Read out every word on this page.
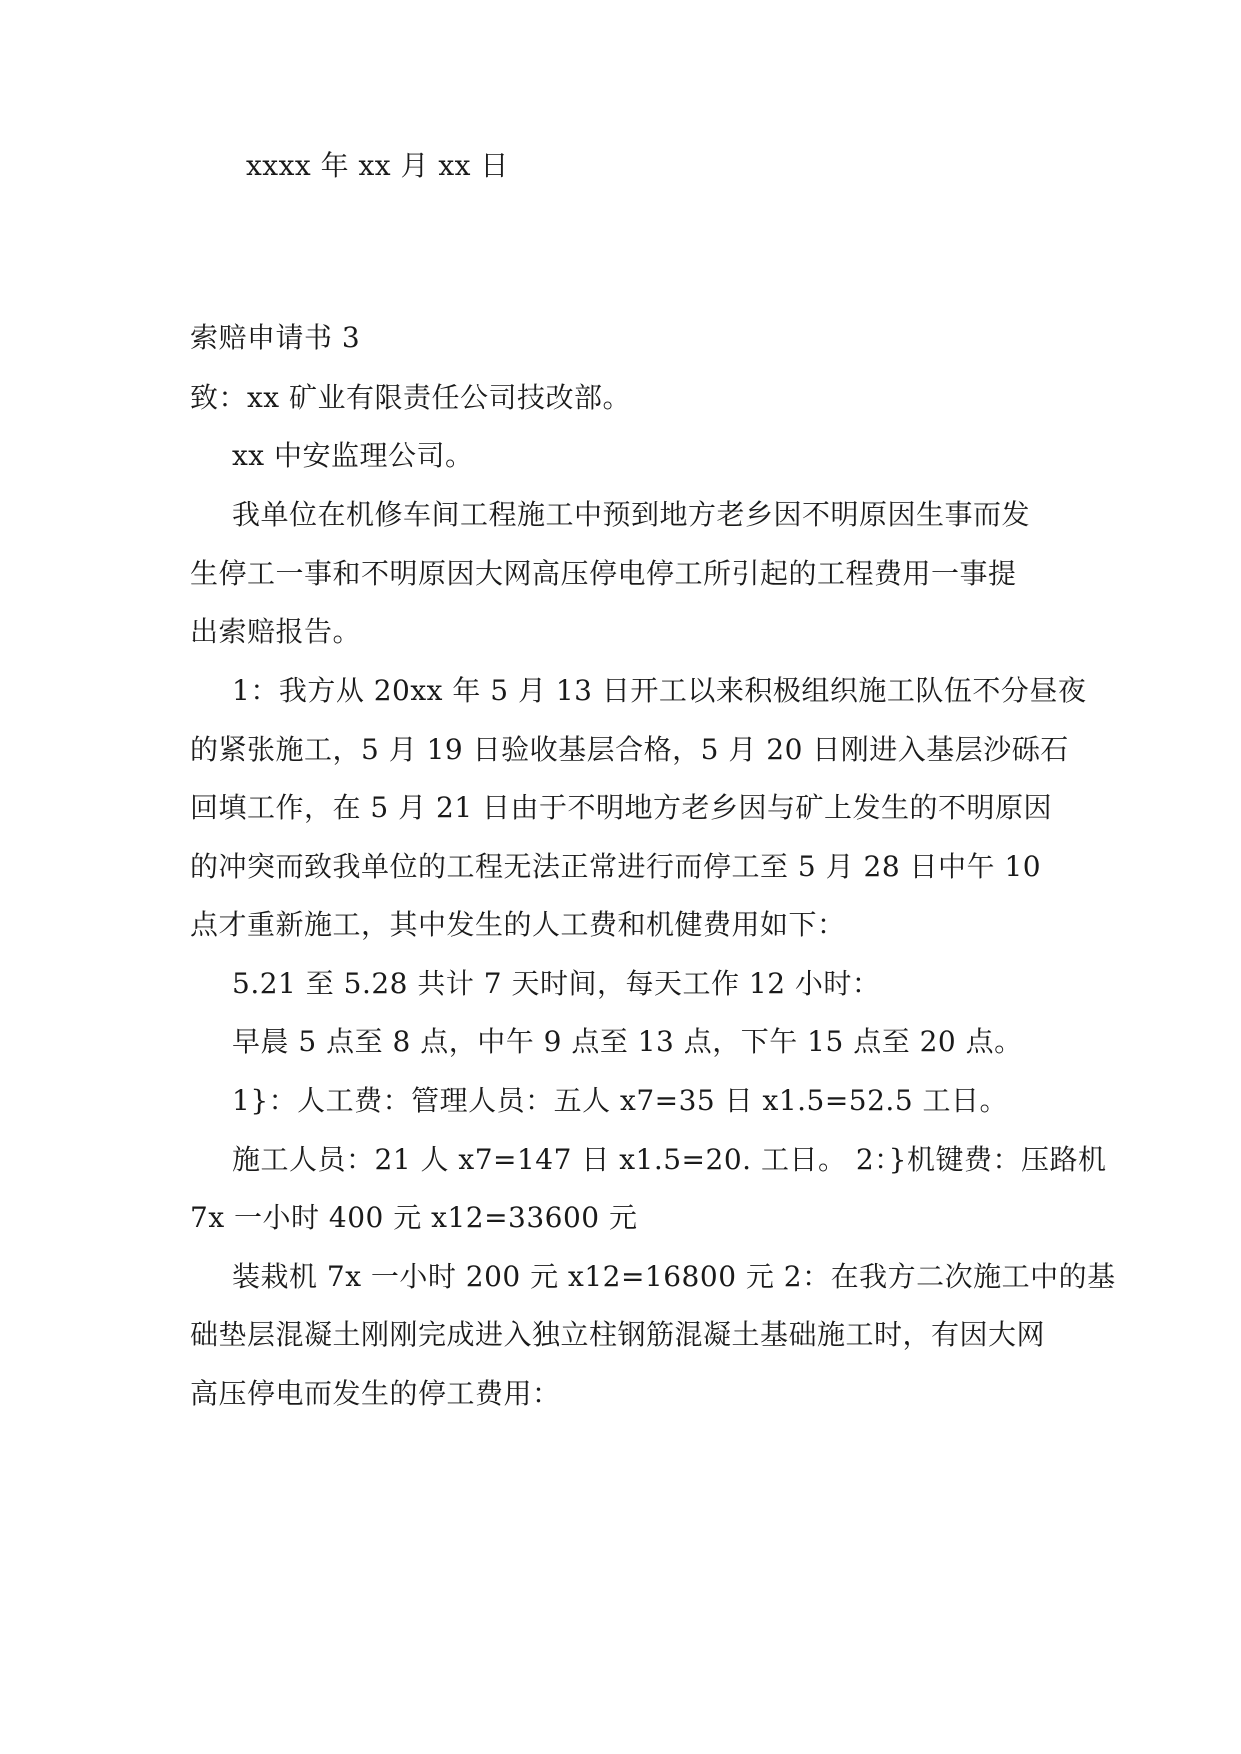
xxxx 年 xx 月 xx 日
索赔申请书 3
致：xx 矿业有限责任公司技改部。
xx 中安监理公司。
我单位在机修车间工程施工中预到地方老乡因不明原因生事而发
生停工一事和不明原因大网高压停电停工所引起的工程费用一事提
出索赔报告。
1：我方从 20xx 年 5 月 13 日开工以来积极组织施工队伍不分昼夜
的紧张施工，5 月 19 日验收基层合格，5 月 20 日刚进入基层沙砾石
回填工作，在 5 月 21 日由于不明地方老乡因与矿上发生的不明原因
的冲突而致我单位的工程无法正常进行而停工至 5 月 28 日中午 10
点才重新施工，其中发生的人工费和机健费用如下：
5.21 至 5.28 共计 7 天时间，每天工作 12 小时：
早晨 5 点至 8 点，中午 9 点至 13 点，下午 15 点至 20 点。
1}：人工费：管理人员：五人 x7=35 日 x1.5=52.5 工日。
施工人员：21 人 x7=147 日 x1.5=20. 工日。 2：}机键费：压路机
7x 一小时 400 元 x12=33600 元
装栽机 7x 一小时 200 元 x12=16800 元 2：在我方二次施工中的基
础垫层混凝土刚刚完成进入独立柱钢筋混凝土基础施工时，有因大网
高压停电而发生的停工费用：
